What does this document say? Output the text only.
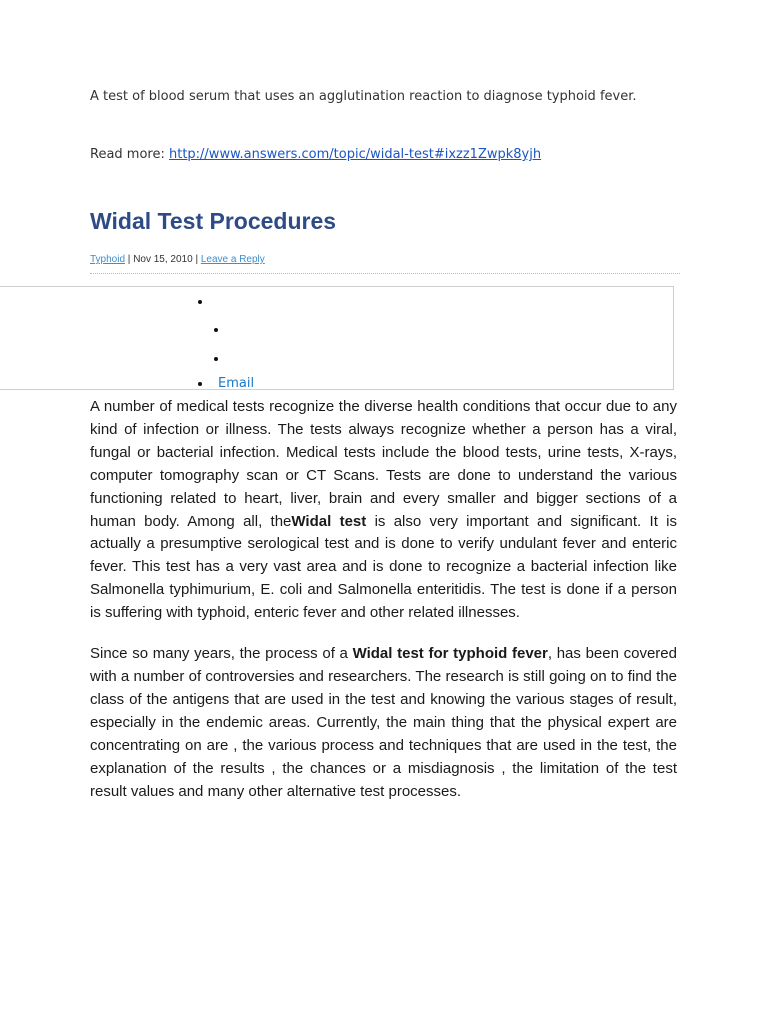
A test of blood serum that uses an agglutination reaction to diagnose typhoid fever.
Read more: http://www.answers.com/topic/widal-test#ixzz1Zwpk8yjh
Widal Test Procedures
Typhoid | Nov 15, 2010 | Leave a Reply
Email

A number of medical tests recognize the diverse health conditions that occur due to any kind of infection or illness. The tests always recognize whether a person has a viral, fungal or bacterial infection. Medical tests include the blood tests, urine tests, X-rays, computer tomography scan or CT Scans. Tests are done to understand the various functioning related to heart, liver, brain and every smaller and bigger sections of a human body. Among all, theWidal test is also very important and significant. It is actually a presumptive serological test and is done to verify undulant fever and enteric fever. This test has a very vast area and is done to recognize a bacterial infection like Salmonella typhimurium, E. coli and Salmonella enteritidis. The test is done if a person is suffering with typhoid, enteric fever and other related illnesses.

Since so many years, the process of a Widal test for typhoid fever, has been covered with a number of controversies and researchers. The research is still going on to find the class of the antigens that are used in the test and knowing the various stages of result, especially in the endemic areas. Currently, the main thing that the physical expert are concentrating on are , the various process and techniques that are used in the test, the explanation of the results , the chances or a misdiagnosis , the limitation of the test result values and many other alternative test processes.
